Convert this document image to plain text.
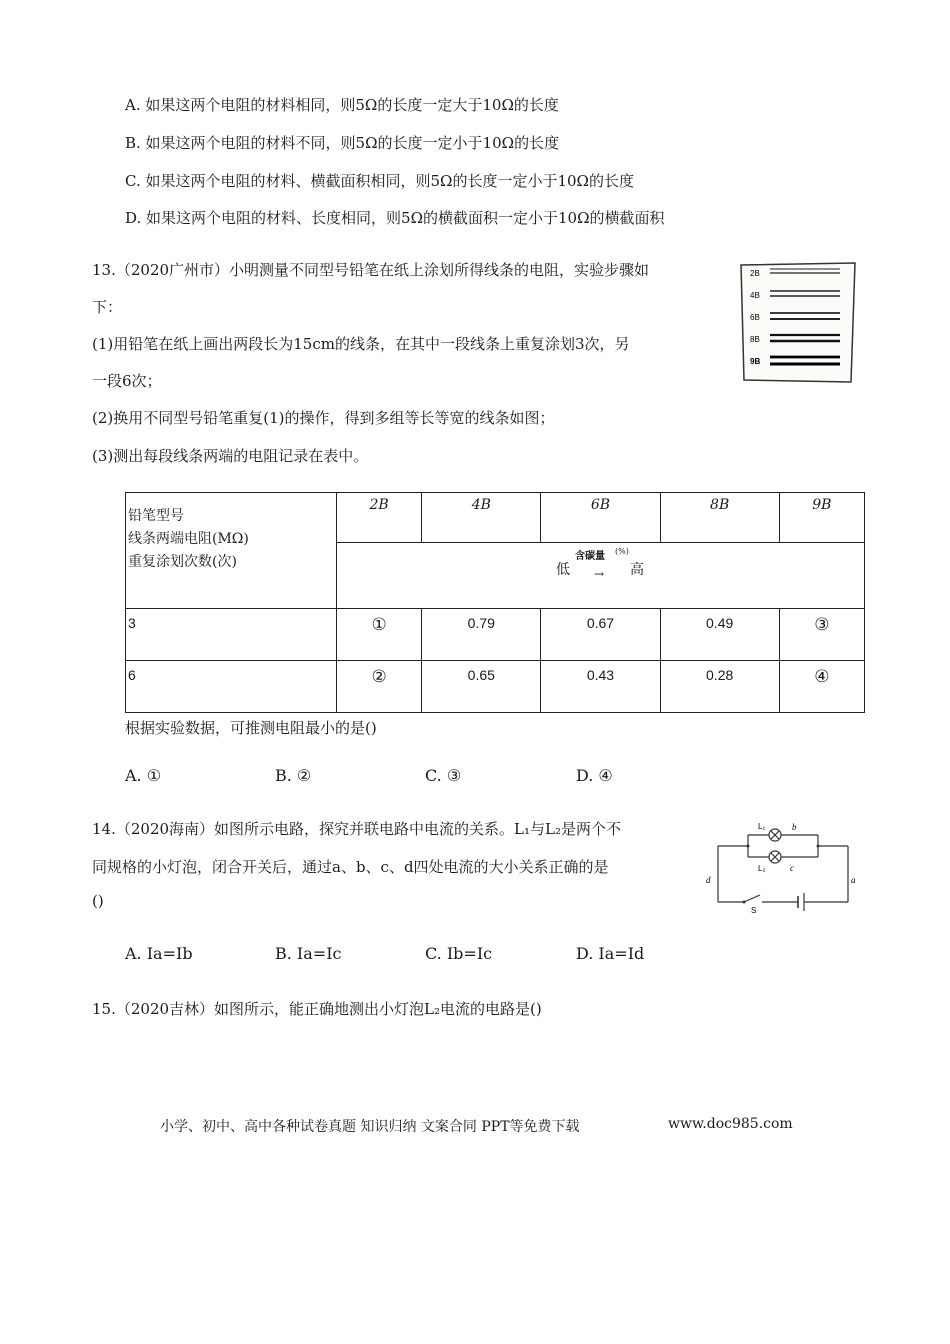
A. 如果这两个电阻的材料相同，则5Ω的长度一定大于10Ω的长度
B. 如果这两个电阻的材料不同，则5Ω的长度一定小于10Ω的长度
C. 如果这两个电阻的材料、横截面积相同，则5Ω的长度一定小于10Ω的长度
D. 如果这两个电阻的材料、长度相同，则5Ω的横截面积一定小于10Ω的横截面积
13.（2020广州市）小明测量不同型号铅笔在纸上涂划所得线条的电阻，实验步骤如
下：
(1)用铅笔在纸上画出两段长为15cm的线条，在其中一段线条上重复涂划3次，另
一段6次；
(2)换用不同型号铅笔重复(1)的操作，得到多组等长等宽的线条如图；
(3)测出每段线条两端的电阻记录在表中。
2B
4B
6B
8B
9B
铅笔型号
线条两端电阻(MΩ)
重复涂划次数(次)	2B	4B	6B	8B	9B

	低
含碳量 (%)
→ 高				

3	①	0.79	0.67	0.49	③
6	②	0.65	0.43	0.28	④
根据实验数据，可推测电阻最小的是()
A. ①	B. ②	C. ③	D. ④
14.（2020海南）如图所示电路，探究并联电路中电流的关系。L₁与L₂是两个不
同规格的小灯泡，闭合开关后，通过a、b、c、d四处电流的大小关系正确的是
()
L₁
L₂
b
c
d	a
S
A. Ia=Ib	B. Ia=Ic	C. Ib=Ic	D. Ia=Id
15.（2020吉林）如图所示，能正确地测出小灯泡L₂电流的电路是()
小学、初中、高中各种试卷真题 知识归纳 文案合同 PPT等免费下载	www.doc985.com
